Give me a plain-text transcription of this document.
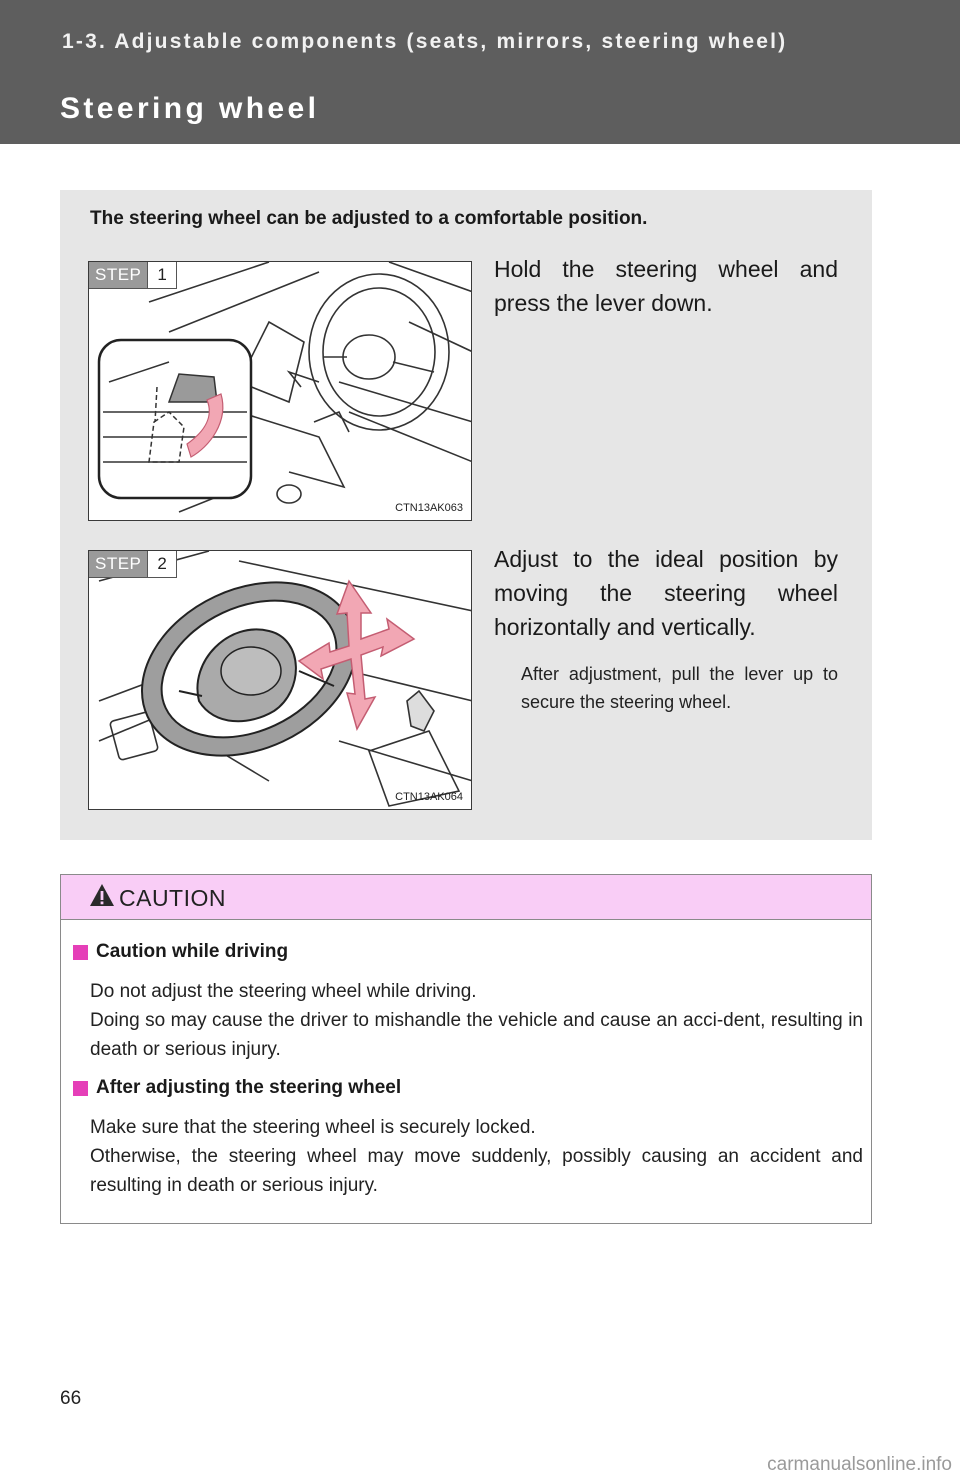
1-3. Adjustable components (seats, mirrors, steering wheel)
Steering wheel
The steering wheel can be adjusted to a comfortable position.
STEP 1
CTN13AK063
Hold the steering wheel and press the lever down.
STEP 2
CTN13AK064
Adjust to the ideal position by moving the steering wheel horizontally and vertically.
After adjustment, pull the lever up to secure the steering wheel.
CAUTION
Caution while driving
Do not adjust the steering wheel while driving.
Doing so may cause the driver to mishandle the vehicle and cause an acci-dent, resulting in death or serious injury.
After adjusting the steering wheel
Make sure that the steering wheel is securely locked.
Otherwise, the steering wheel may move suddenly, possibly causing an accident and resulting in death or serious injury.
66
carmanualsonline.info
